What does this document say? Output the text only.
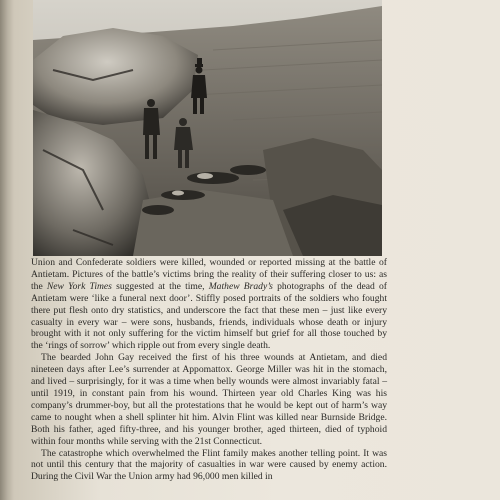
Union and Confederate soldiers were killed, wounded or reported missing at the battle of Antietam. Pictures of the battle’s victims bring the reality of their suffering closer to us: as the New York Times suggested at the time, Mathew Brady’s photographs of the dead of Antietam were ‘like a funeral next door’. Stiffly posed portraits of the soldiers who fought there put flesh onto dry statistics, and underscore the fact that these men – just like every casualty in every war – were sons, husbands, friends, individuals whose death or injury brought with it not only suffering for the victim himself but grief for all those touched by the ‘rings of sorrow’ which ripple out from every single death.

The bearded John Gay received the first of his three wounds at Antietam, and died nineteen days after Lee’s surrender at Appomattox. George Miller was hit in the stomach, and lived – surprisingly, for it was a time when belly wounds were almost invariably fatal – until 1919, in constant pain from his wound. Thirteen year old Charles King was his company’s drummer-boy, but all the protestations that he would be kept out of harm’s way came to nought when a shell splinter hit him. Alvin Flint was killed near Burnside Bridge. Both his father, aged fifty-three, and his younger brother, aged thirteen, died of typhoid within four months while serving with the 21st Connecticut.

The catastrophe which overwhelmed the Flint family makes another telling point. It was not until this century that the majority of casualties in war were caused by enemy action. During the Civil War the Union army had 96,000 men killed in
